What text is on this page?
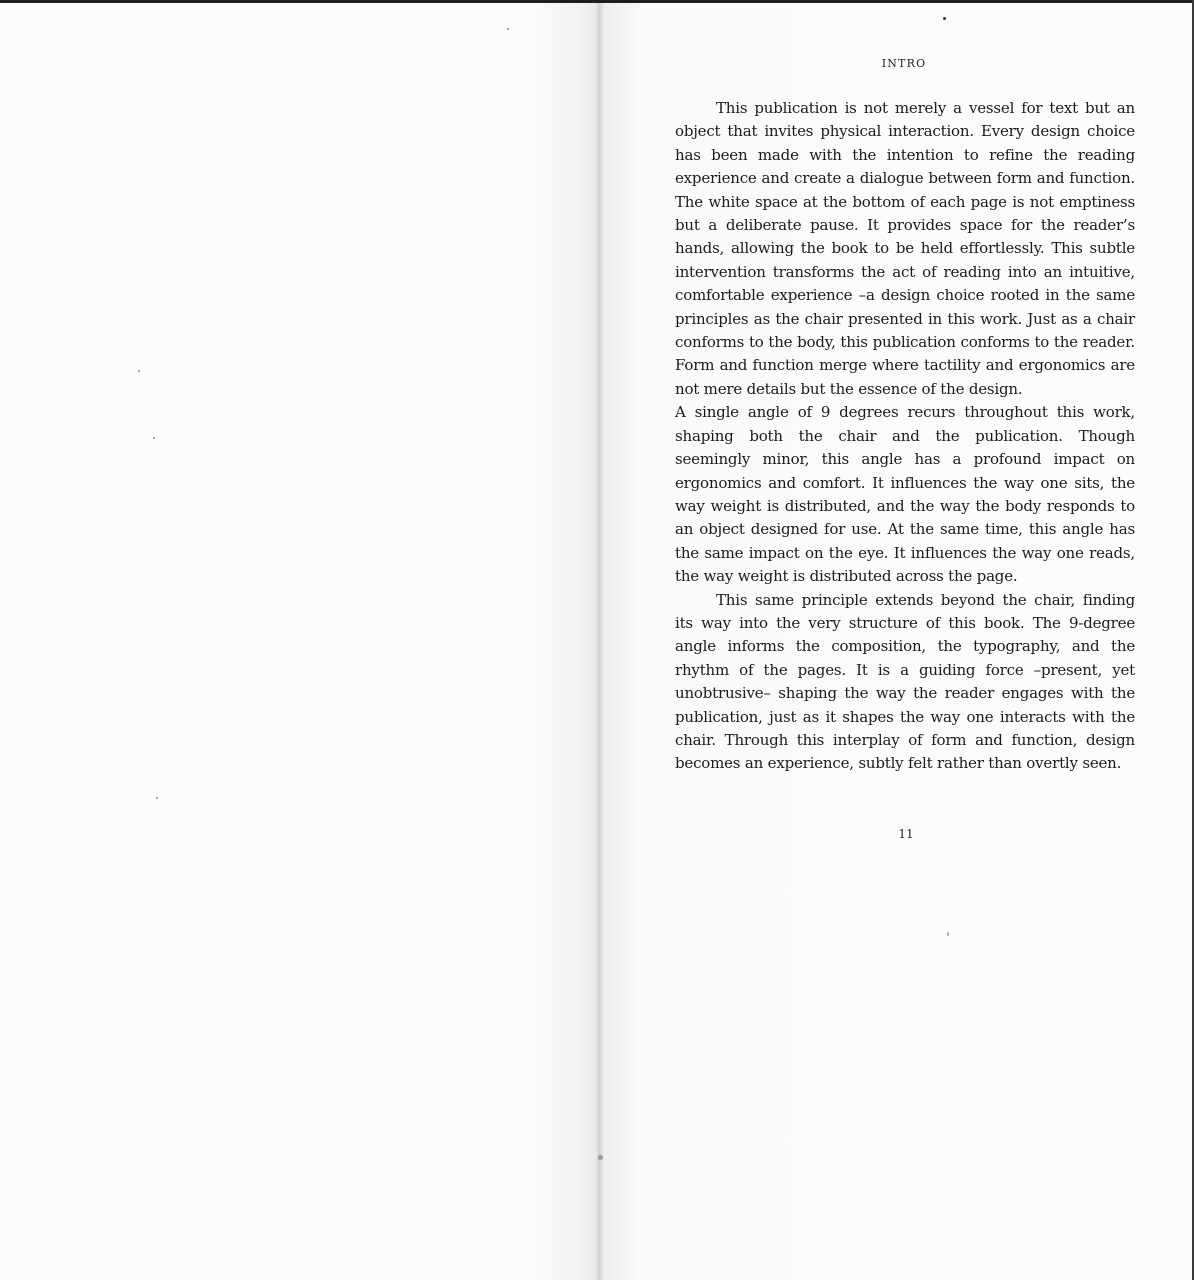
INTRO

This publication is not merely a vessel for text but an object that invites physical interaction. Every design choice has been made with the intention to refine the reading experience and create a dialogue between form and function. The white space at the bottom of each page is not emptiness but a deliberate pause. It provides space for the reader’s hands, allowing the book to be held effortlessly. This subtle intervention transforms the act of reading into an intuitive, comfortable experience –a design choice rooted in the same principles as the chair presented in this work. Just as a chair conforms to the body, this publication conforms to the reader. Form and function merge where tactility and ergonomics are not mere details but the essence of the design.

A single angle of 9 degrees recurs throughout this work, shaping both the chair and the publication. Though seemingly minor, this angle has a profound impact on ergonomics and comfort. It influences the way one sits, the way weight is distributed, and the way the body responds to an object designed for use. At the same time, this angle has the same impact on the eye. It influences the way one reads, the way weight is distributed across the page.

This same principle extends beyond the chair, finding its way into the very structure of this book. The 9-degree angle informs the composition, the typography, and the rhythm of the pages. It is a guiding force –present, yet unobtrusive– shaping the way the reader engages with the publication, just as it shapes the way one interacts with the chair. Through this interplay of form and function, design becomes an experience, subtly felt rather than overtly seen.

11
